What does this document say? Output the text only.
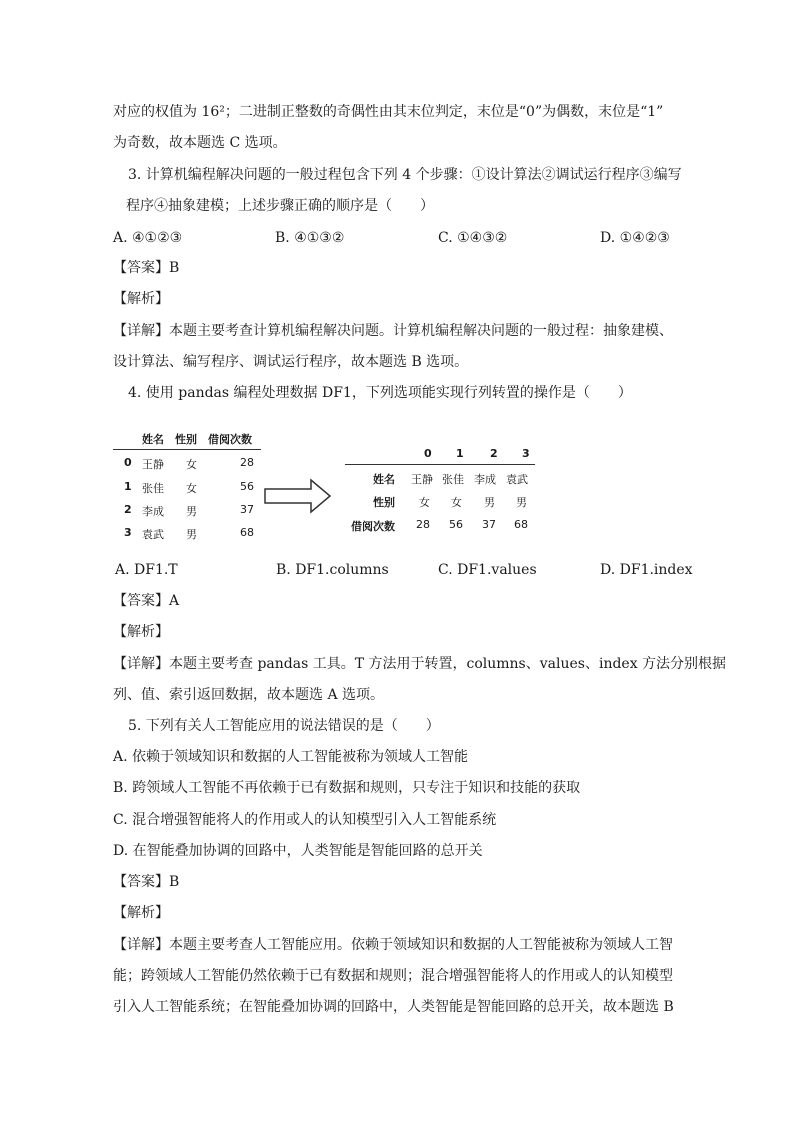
对应的权值为 16²；二进制正整数的奇偶性由其末位判定，末位是“0”为偶数，末位是“1”
为奇数，故本题选 C 选项。
3. 计算机编程解决问题的一般过程包含下列 4 个步骤：①设计算法②调试运行程序③编写
程序④抽象建模；上述步骤正确的顺序是（　　）
A. ④①②③	B. ④①③②	C. ①④③②	D. ①④②③
【答案】B
【解析】
【详解】本题主要考查计算机编程解决问题。计算机编程解决问题的一般过程：抽象建模、
设计算法、编写程序、调试运行程序，故本题选 B 选项。
4. 使用 pandas 编程处理数据 DF1，下列选项能实现行列转置的操作是（　　）
姓名 性别 借阅次数
0 王静 女	28
1 张佳 女	56
2 李成 男	37
3 袁武 男	68
0 1 2 3
姓名 王静 张佳 李成 袁武
性别 女 女 男 男
借阅次数 28 56 37 68
A. DF1.T	B. DF1.columns	C. DF1.values	D. DF1.index
【答案】A
【解析】
【详解】本题主要考查 pandas 工具。T 方法用于转置，columns、values、index 方法分别根据
列、值、索引返回数据，故本题选 A 选项。
5. 下列有关人工智能应用的说法错误的是（　　）
A. 依赖于领域知识和数据的人工智能被称为领域人工智能
B. 跨领域人工智能不再依赖于已有数据和规则，只专注于知识和技能的获取
C. 混合增强智能将人的作用或人的认知模型引入人工智能系统
D. 在智能叠加协调的回路中，人类智能是智能回路的总开关
【答案】B
【解析】
【详解】本题主要考查人工智能应用。依赖于领域知识和数据的人工智能被称为领域人工智
能；跨领域人工智能仍然依赖于已有数据和规则；混合增强智能将人的作用或人的认知模型
引入人工智能系统；在智能叠加协调的回路中，人类智能是智能回路的总开关，故本题选 B
